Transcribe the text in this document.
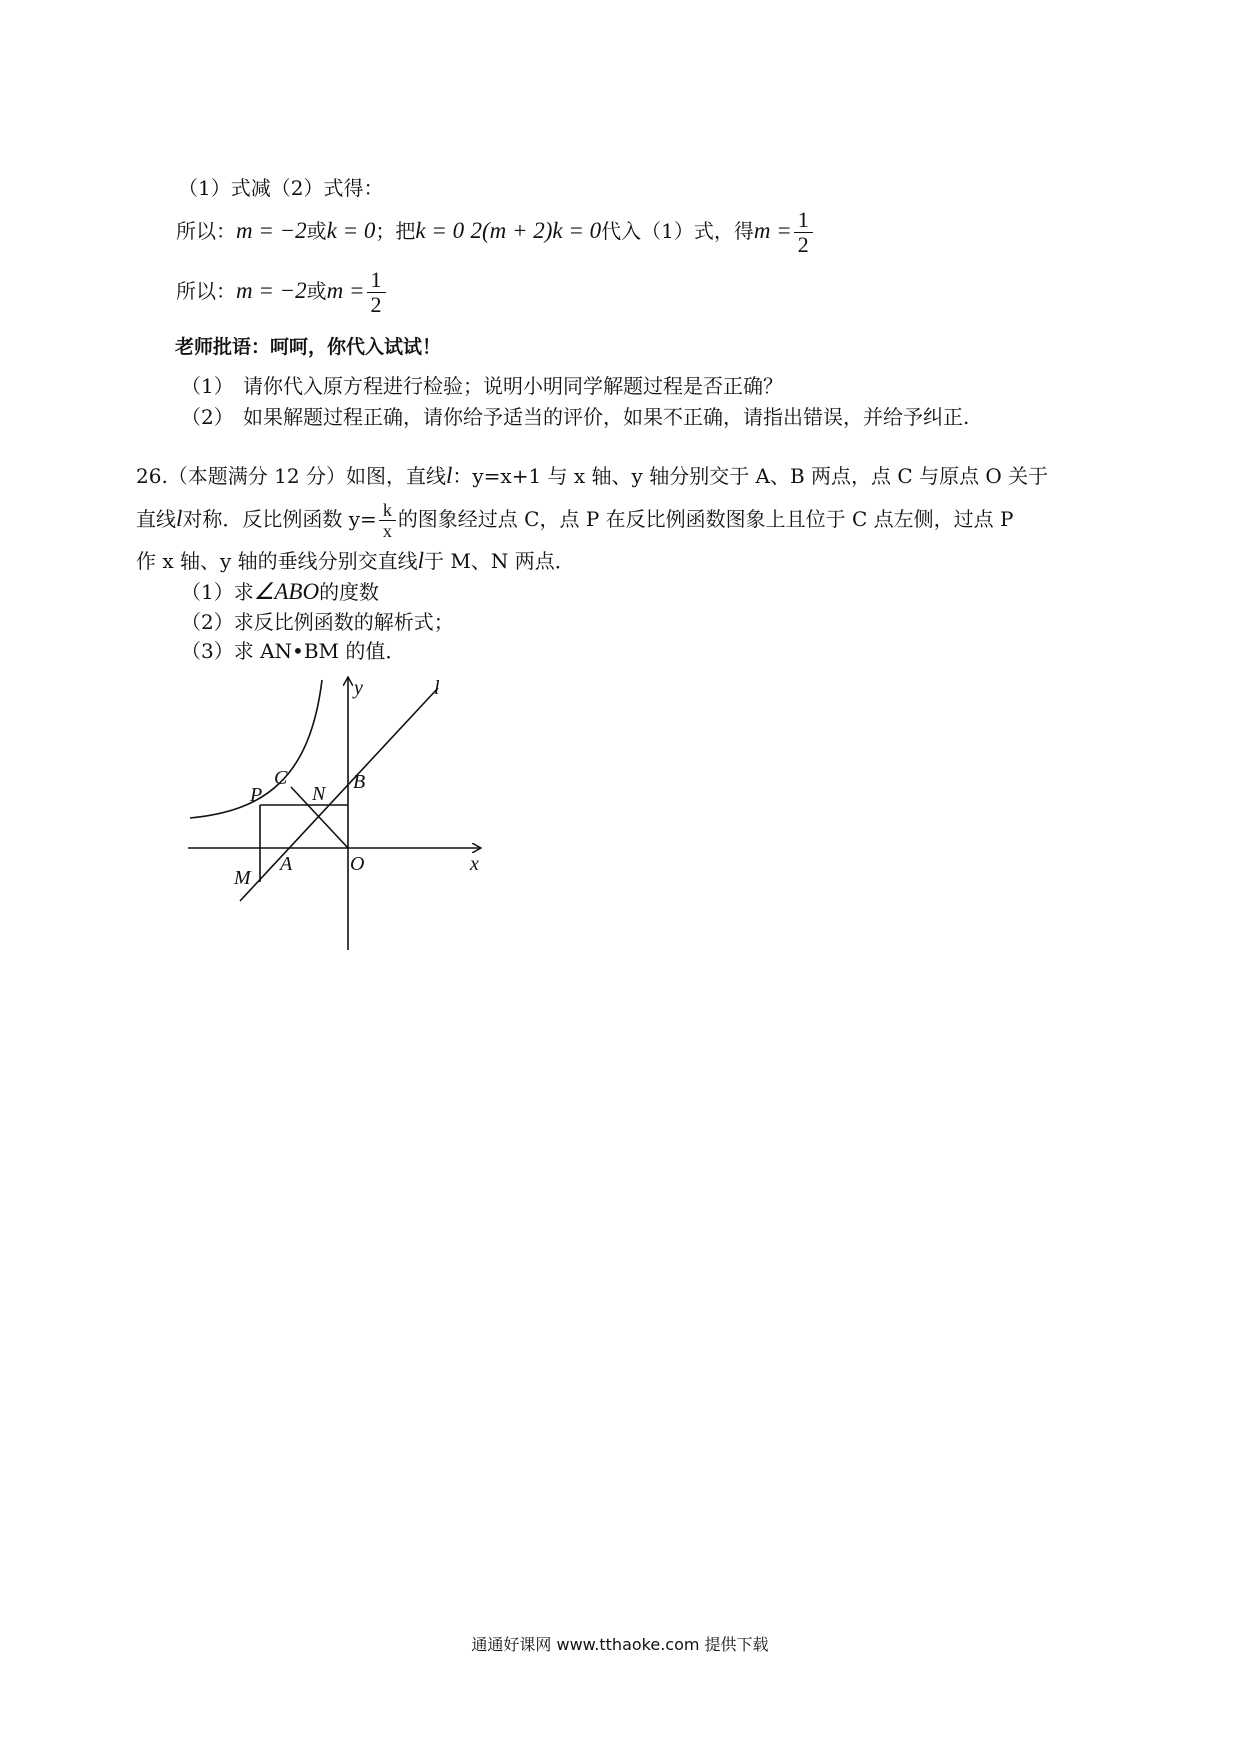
（1）式减（2）式得：
所以：m = −2或k = 0；把k = 0 2(m + 2)k = 0代入（1）式，得$m = \frac{1}{2}$
所以：m = −2或$m = \frac{1}{2}$
老师批语：呵呵，你代入试试！
（1） 请你代入原方程进行检验；说明小明同学解题过程是否正确？
（2） 如果解题过程正确，请你给予适当的评价，如果不正确，请指出错误，并给予纠正.
26.（本题满分 12 分）如图，直线l：y=x+1 与 x 轴、y 轴分别交于 A、B 两点，点 C 与原点 O 关于
直线l对称．反比例函数 $y= \frac{k}{x}$ 的图象经过点 C，点 P 在反比例函数图象上且位于 C 点左侧，过点 P
作 x 轴、y 轴的垂线分别交直线l于 M、N 两点．
（1）求∠ABO的度数
（2）求反比例函数的解析式；
（3）求 AN•BM 的值．
y
x
l
B
C
N
P
A	O
M
通通好课网 www.tthaoke.com 提供下载
